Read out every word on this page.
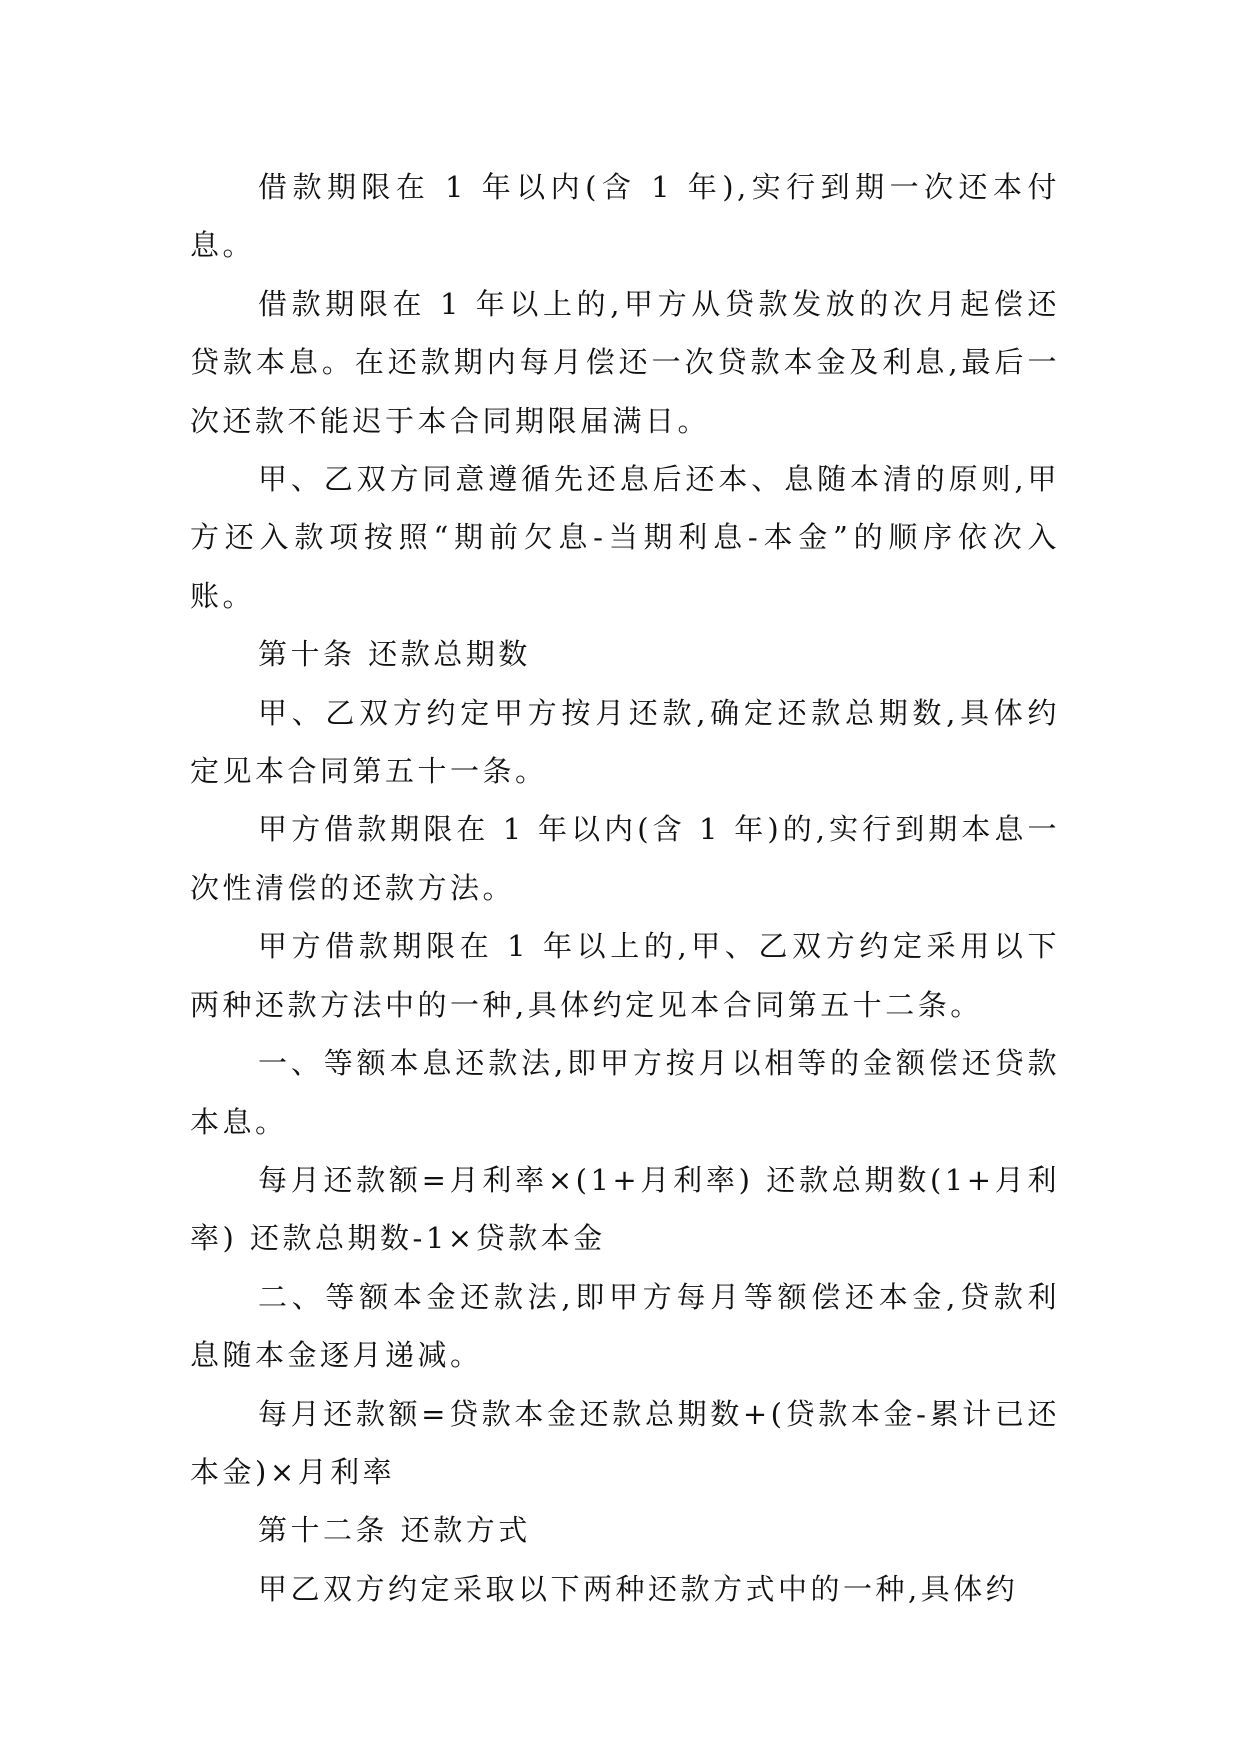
借款期限在 1 年以内(含 1 年),实行到期一次还本付息。

借款期限在 1 年以上的,甲方从贷款发放的次月起偿还贷款本息。在还款期内每月偿还一次贷款本金及利息,最后一次还款不能迟于本合同期限届满日。

甲、乙双方同意遵循先还息后还本、息随本清的原则,甲方还入款项按照“期前欠息-当期利息-本金”的顺序依次入账。

第十条 还款总期数

甲、乙双方约定甲方按月还款,确定还款总期数,具体约定见本合同第五十一条。

甲方借款期限在 1 年以内(含 1 年)的,实行到期本息一次性清偿的还款方法。

甲方借款期限在 1 年以上的,甲、乙双方约定采用以下两种还款方法中的一种,具体约定见本合同第五十二条。

一、等额本息还款法,即甲方按月以相等的金额偿还贷款本息。

每月还款额=月利率×(1+月利率) 还款总期数(1+月利率) 还款总期数-1×贷款本金

二、等额本金还款法,即甲方每月等额偿还本金,贷款利息随本金逐月递减。

每月还款额=贷款本金还款总期数+(贷款本金-累计已还本金)×月利率

第十二条 还款方式

甲乙双方约定采取以下两种还款方式中的一种,具体约
